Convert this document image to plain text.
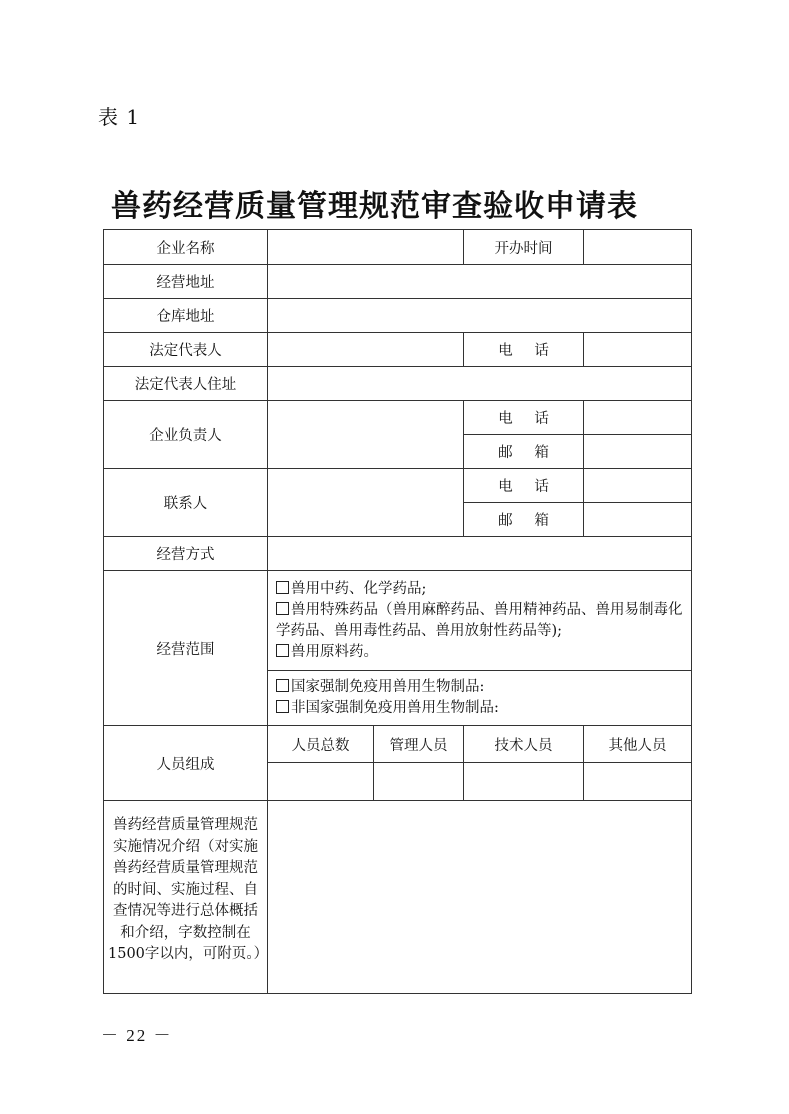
表 1
兽药经营质量管理规范审查验收申请表
企业名称			开办时间	
经营地址				
仓库地址				
法定代表人			电话	
法定代表人住址				
企业负责人			电话	
			邮箱	
联系人			电话	
			邮箱	
经营方式				
经营范围	兽用中药、化学药品;
兽用特殊药品（兽用麻醉药品、兽用精神药品、兽用易制毒化学药品、兽用毒性药品、兽用放射性药品等);
兽用原料药。			

	国家强制免疫用兽用生物制品:
非国家强制免疫用兽用生物制品:			

人员组成	人员总数	管理人员	技术人员	其他人员

兽药经营质量管理规范实施情况介绍（对实施兽药经营质量管理规范的时间、实施过程、自查情况等进行总体概括和介绍，字数控制在1500字以内，可附页。）				
－ 22 －
